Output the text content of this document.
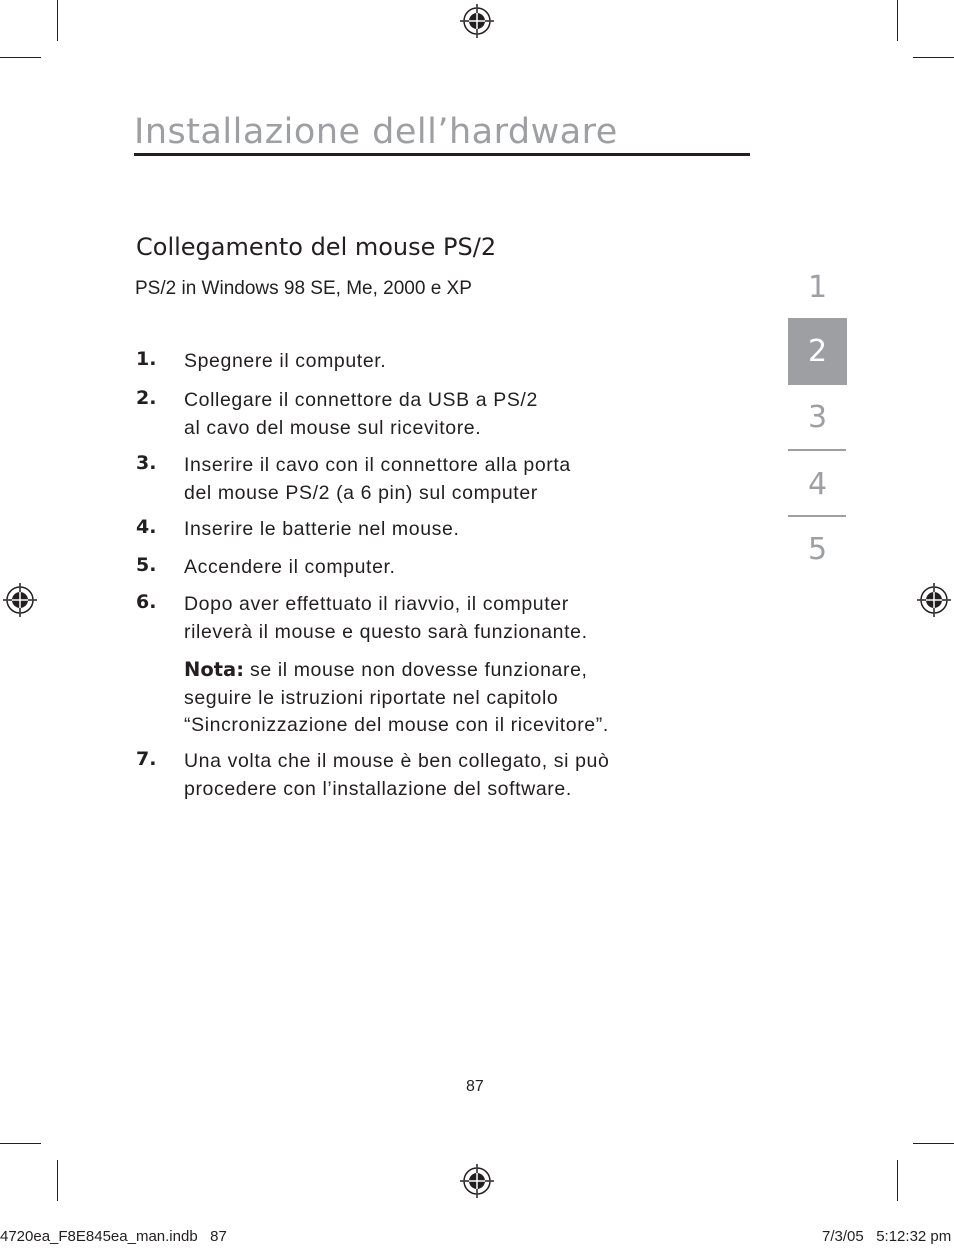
Installazione dell’hardware
Collegamento del mouse PS/2
PS/2 in Windows 98 SE, Me, 2000 e XP
1. Spegnere il computer.
2. Collegare il connettore da USB a PS/2
al cavo del mouse sul ricevitore.
3. Inserire il cavo con il connettore alla porta
del mouse PS/2 (a 6 pin) sul computer
4. Inserire le batterie nel mouse.
5. Accendere il computer.
6. Dopo aver effettuato il riavvio, il computer
rileverà il mouse e questo sarà funzionante.
Nota: se il mouse non dovesse funzionare,
seguire le istruzioni riportate nel capitolo
“Sincronizzazione del mouse con il ricevitore”.
7. Una volta che il mouse è ben collegato, si può
procedere con l’installazione del software.
1
2
3
4
5
87
4720ea_F8E845ea_man.indb   87	7/3/05   5:12:32 pm
